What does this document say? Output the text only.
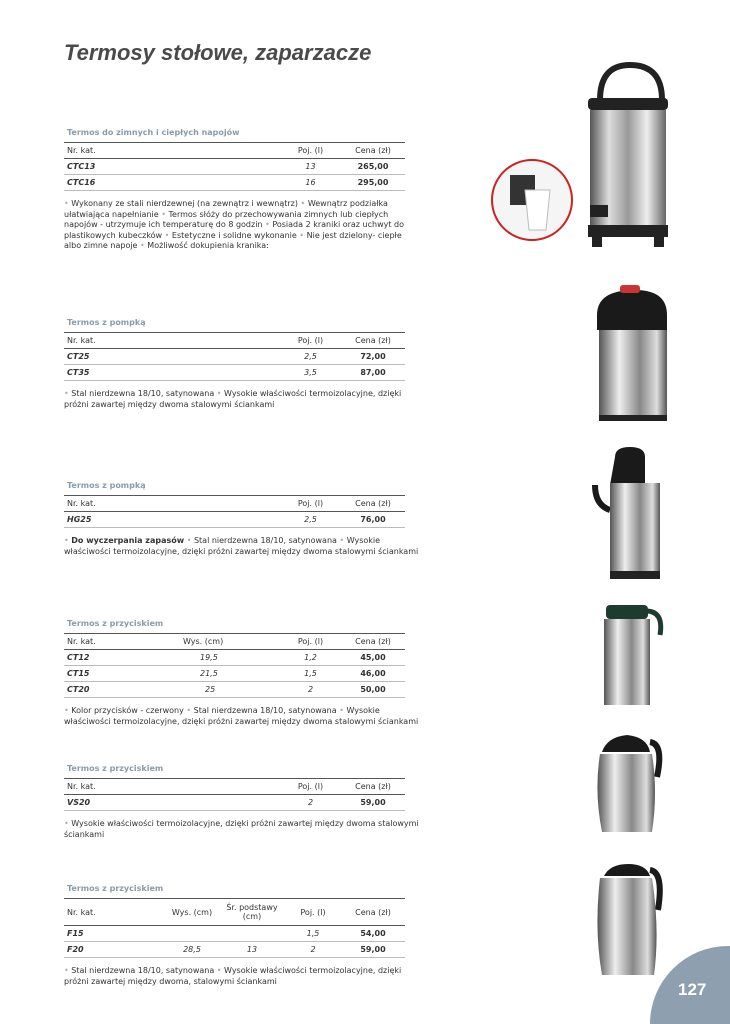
Termosy stołowe, zaparzacze
Termos do zimnych i ciepłych napojów
Nr. kat.	Poj. (l)	Cena (zł)
CTC13	13	265,00
CTC16	16	295,00
• Wykonany ze stali nierdzewnej (na zewnątrz i wewnątrz) • Wewnątrz podziałka ułatwiająca napełnianie • Termos słóży do przechowywania zimnych lub ciepłych napojów - utrzymuje ich temperaturę do 8 godzin • Posiada 2 kraniki oraz uchwyt do plastikowych kubeczków • Estetyczne i solidne wykonanie • Nie jest dzielony- ciepłe albo zimne napoje • Możliwość dokupienia kranika:
Termos z pompką
Nr. kat.	Poj. (l)	Cena (zł)
CT25	2,5	72,00
CT35	3,5	87,00
• Stal nierdzewna 18/10, satynowana • Wysokie właściwości termoizolacyjne, dzięki próżni zawartej między dwoma stalowymi ściankami
Termos z pompką
Nr. kat.	Poj. (l)	Cena (zł)
HG25	2,5	76,00
• Do wyczerpania zapasów • Stal nierdzewna 18/10, satynowana • Wysokie właściwości termoizolacyjne, dzięki próżni zawartej między dwoma stalowymi ściankami
Termos z przyciskiem
Nr. kat.	Wys. (cm)	Poj. (l)	Cena (zł)
CT12	19,5	1,2	45,00
CT15	21,5	1,5	46,00
CT20	25	2	50,00
• Kolor przycisków - czerwony • Stal nierdzewna 18/10, satynowana • Wysokie właściwości termoizolacyjne, dzięki próżni zawartej między dwoma stalowymi ściankami
Termos z przyciskiem
Nr. kat.	Poj. (l)	Cena (zł)
VS20	2	59,00
• Wysokie właściwości termoizolacyjne, dzięki próżni zawartej między dwoma stalowymi ściankami
Termos z przyciskiem
Nr. kat.	Wys. (cm)	Śr. podstawy (cm)	Poj. (l)	Cena (zł)
F15			1,5	54,00
F20	28,5	13	2	59,00
• Stal nierdzewna 18/10, satynowana • Wysokie właściwości termoizolacyjne, dzięki próżni zawartej między dwoma, stalowymi ściankami	127
